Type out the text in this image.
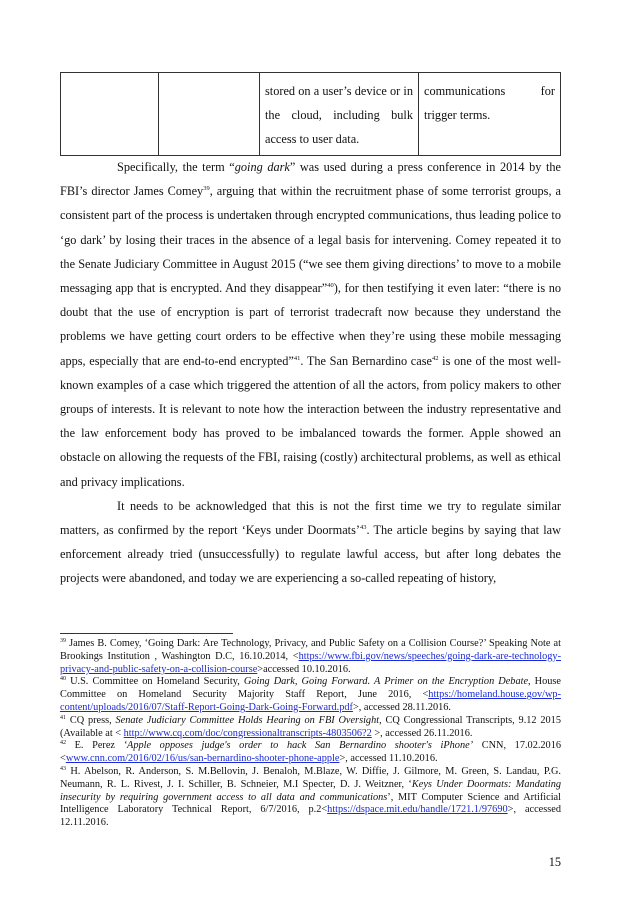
		stored on a user’s device or in the cloud, including bulk access to user data.	communications for trigger terms.

Specifically, the term “going dark” was used during a press conference in 2014 by the FBI’s director James Comey$^{39}$, arguing that within the recruitment phase of some terrorist groups, a consistent part of the process is undertaken through encrypted communications, thus leading police to ‘go dark’ by losing their traces in the absence of a legal basis for intervening. Comey repeated it to the Senate Judiciary Committee in August 2015 (“we see them giving directions’ to move to a mobile messaging app that is encrypted. And they disappear”$^{40}$), for then testifying it even later: “there is no doubt that the use of encryption is part of terrorist tradecraft now because they understand the problems we have getting court orders to be effective when they’re using these mobile messaging apps, especially that are end-to-end encrypted”$^{41}$. The San Bernardino case$^{42}$ is one of the most well-known examples of a case which triggered the attention of all the actors, from policy makers to other groups of interests. It is relevant to note how the interaction between the industry representative and the law enforcement body has proved to be imbalanced towards the former. Apple showed an obstacle on allowing the requests of the FBI, raising (costly) architectural problems, as well as ethical and privacy implications.

It needs to be acknowledged that this is not the first time we try to regulate similar matters, as confirmed by the report ‘Keys under Doormats’$^{43}$. The article begins by saying that law enforcement already tried (unsuccessfully) to regulate lawful access, but after long debates the projects were abandoned, and today we are experiencing a so-called repeating of history,

$^{39}$ James B. Comey, ‘Going Dark: Are Technology, Privacy, and Public Safety on a Collision Course?’ Speaking Note at Brookings Institution , Washington D.C, 16.10.2014, <https://www.fbi.gov/news/speeches/going-dark-are-technology-privacy-and-public-safety-on-a-collision-course>accessed 10.10.2016.

$^{40}$ U.S. Committee on Homeland Security, Going Dark, Going Forward. A Primer on the Encryption Debate, House Committee on Homeland Security Majority Staff Report, June 2016, <https://homeland.house.gov/wp-content/uploads/2016/07/Staff-Report-Going-Dark-Going-Forward.pdf>, accessed 28.11.2016.

$^{41}$ CQ press, Senate Judiciary Committee Holds Hearing on FBI Oversight, CQ Congressional Transcripts, 9.12 2015 (Available at < http://www.cq.com/doc/congressionaltranscripts-4803506?2 >, accessed 26.11.2016.

$^{42}$ E. Perez ‘Apple opposes judge's order to hack San Bernardino shooter's iPhone’ CNN, 17.02.2016 <www.cnn.com/2016/02/16/us/san-bernardino-shooter-phone-apple>, accessed 11.10.2016.

$^{43}$ H. Abelson, R. Anderson, S. M.Bellovin, J. Benaloh, M.Blaze, W. Diffie, J. Gilmore, M. Green, S. Landau, P.G. Neumann, R. L. Rivest, J. I. Schiller, B. Schneier, M.I Specter, D. J. Weitzner, ‘Keys Under Doormats: Mandating insecurity by requiring government access to all data and communications’, MIT Computer Science and Artificial Intelligence Laboratory Technical Report, 6/7/2016, p.2<https://dspace.mit.edu/handle/1721.1/97690>, accessed 12.11.2016.

15
